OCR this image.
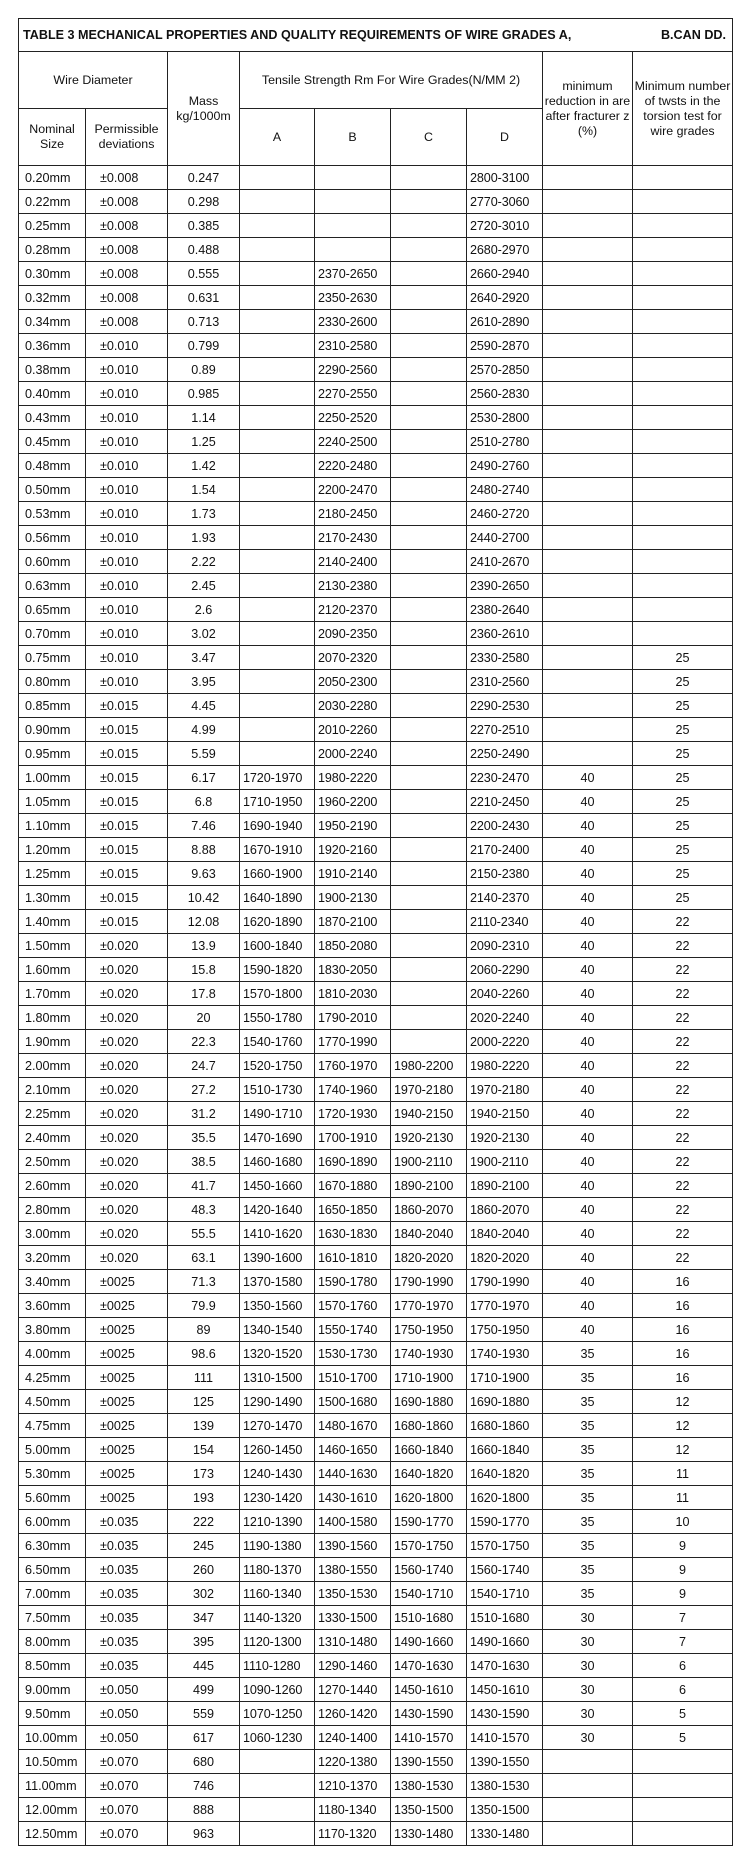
TABLE 3 MECHANICAL PROPERTIES AND QUALITY REQUIREMENTS OF WIRE GRADES A, B.CAN DD.								

Wire Diameter		Mass kg/1000m	Tensile Strength Rm For Wire Grades(N/MM 2)				minimum reduction in are after fracturer z (%)	Minimum number of twsts in the torsion test for wire grades
Nominal Size	Permissible deviations		A	B	C	D		
0.20mm	±0.008	0.247				2800-3100		
0.22mm	±0.008	0.298				2770-3060		
0.25mm	±0.008	0.385				2720-3010		
0.28mm	±0.008	0.488				2680-2970		
0.30mm	±0.008	0.555		2370-2650		2660-2940		
0.32mm	±0.008	0.631		2350-2630		2640-2920		
0.34mm	±0.008	0.713		2330-2600		2610-2890		
0.36mm	±0.010	0.799		2310-2580		2590-2870		
0.38mm	±0.010	0.89		2290-2560		2570-2850		
0.40mm	±0.010	0.985		2270-2550		2560-2830		
0.43mm	±0.010	1.14		2250-2520		2530-2800		
0.45mm	±0.010	1.25		2240-2500		2510-2780		
0.48mm	±0.010	1.42		2220-2480		2490-2760		
0.50mm	±0.010	1.54		2200-2470		2480-2740		
0.53mm	±0.010	1.73		2180-2450		2460-2720		
0.56mm	±0.010	1.93		2170-2430		2440-2700		
0.60mm	±0.010	2.22		2140-2400		2410-2670		
0.63mm	±0.010	2.45		2130-2380		2390-2650		
0.65mm	±0.010	2.6		2120-2370		2380-2640		
0.70mm	±0.010	3.02		2090-2350		2360-2610		
0.75mm	±0.010	3.47		2070-2320		2330-2580		25
0.80mm	±0.010	3.95		2050-2300		2310-2560		25
0.85mm	±0.015	4.45		2030-2280		2290-2530		25
0.90mm	±0.015	4.99		2010-2260		2270-2510		25
0.95mm	±0.015	5.59		2000-2240		2250-2490		25
1.00mm	±0.015	6.17	1720-1970	1980-2220		2230-2470	40	25
1.05mm	±0.015	6.8	1710-1950	1960-2200		2210-2450	40	25
1.10mm	±0.015	7.46	1690-1940	1950-2190		2200-2430	40	25
1.20mm	±0.015	8.88	1670-1910	1920-2160		2170-2400	40	25
1.25mm	±0.015	9.63	1660-1900	1910-2140		2150-2380	40	25
1.30mm	±0.015	10.42	1640-1890	1900-2130		2140-2370	40	25
1.40mm	±0.015	12.08	1620-1890	1870-2100		2110-2340	40	22
1.50mm	±0.020	13.9	1600-1840	1850-2080		2090-2310	40	22
1.60mm	±0.020	15.8	1590-1820	1830-2050		2060-2290	40	22
1.70mm	±0.020	17.8	1570-1800	1810-2030		2040-2260	40	22
1.80mm	±0.020	20	1550-1780	1790-2010		2020-2240	40	22
1.90mm	±0.020	22.3	1540-1760	1770-1990		2000-2220	40	22
2.00mm	±0.020	24.7	1520-1750	1760-1970	1980-2200	1980-2220	40	22
2.10mm	±0.020	27.2	1510-1730	1740-1960	1970-2180	1970-2180	40	22
2.25mm	±0.020	31.2	1490-1710	1720-1930	1940-2150	1940-2150	40	22
2.40mm	±0.020	35.5	1470-1690	1700-1910	1920-2130	1920-2130	40	22
2.50mm	±0.020	38.5	1460-1680	1690-1890	1900-2110	1900-2110	40	22
2.60mm	±0.020	41.7	1450-1660	1670-1880	1890-2100	1890-2100	40	22
2.80mm	±0.020	48.3	1420-1640	1650-1850	1860-2070	1860-2070	40	22
3.00mm	±0.020	55.5	1410-1620	1630-1830	1840-2040	1840-2040	40	22
3.20mm	±0.020	63.1	1390-1600	1610-1810	1820-2020	1820-2020	40	22
3.40mm	±0025	71.3	1370-1580	1590-1780	1790-1990	1790-1990	40	16
3.60mm	±0025	79.9	1350-1560	1570-1760	1770-1970	1770-1970	40	16
3.80mm	±0025	89	1340-1540	1550-1740	1750-1950	1750-1950	40	16
4.00mm	±0025	98.6	1320-1520	1530-1730	1740-1930	1740-1930	35	16
4.25mm	±0025	111	1310-1500	1510-1700	1710-1900	1710-1900	35	16
4.50mm	±0025	125	1290-1490	1500-1680	1690-1880	1690-1880	35	12
4.75mm	±0025	139	1270-1470	1480-1670	1680-1860	1680-1860	35	12
5.00mm	±0025	154	1260-1450	1460-1650	1660-1840	1660-1840	35	12
5.30mm	±0025	173	1240-1430	1440-1630	1640-1820	1640-1820	35	11
5.60mm	±0025	193	1230-1420	1430-1610	1620-1800	1620-1800	35	11
6.00mm	±0.035	222	1210-1390	1400-1580	1590-1770	1590-1770	35	10
6.30mm	±0.035	245	1190-1380	1390-1560	1570-1750	1570-1750	35	9
6.50mm	±0.035	260	1180-1370	1380-1550	1560-1740	1560-1740	35	9
7.00mm	±0.035	302	1160-1340	1350-1530	1540-1710	1540-1710	35	9
7.50mm	±0.035	347	1140-1320	1330-1500	1510-1680	1510-1680	30	7
8.00mm	±0.035	395	1120-1300	1310-1480	1490-1660	1490-1660	30	7
8.50mm	±0.035	445	1110-1280	1290-1460	1470-1630	1470-1630	30	6
9.00mm	±0.050	499	1090-1260	1270-1440	1450-1610	1450-1610	30	6
9.50mm	±0.050	559	1070-1250	1260-1420	1430-1590	1430-1590	30	5
10.00mm	±0.050	617	1060-1230	1240-1400	1410-1570	1410-1570	30	5
10.50mm	±0.070	680		1220-1380	1390-1550	1390-1550		
11.00mm	±0.070	746		1210-1370	1380-1530	1380-1530		
12.00mm	±0.070	888		1180-1340	1350-1500	1350-1500		
12.50mm	±0.070	963		1170-1320	1330-1480	1330-1480		
